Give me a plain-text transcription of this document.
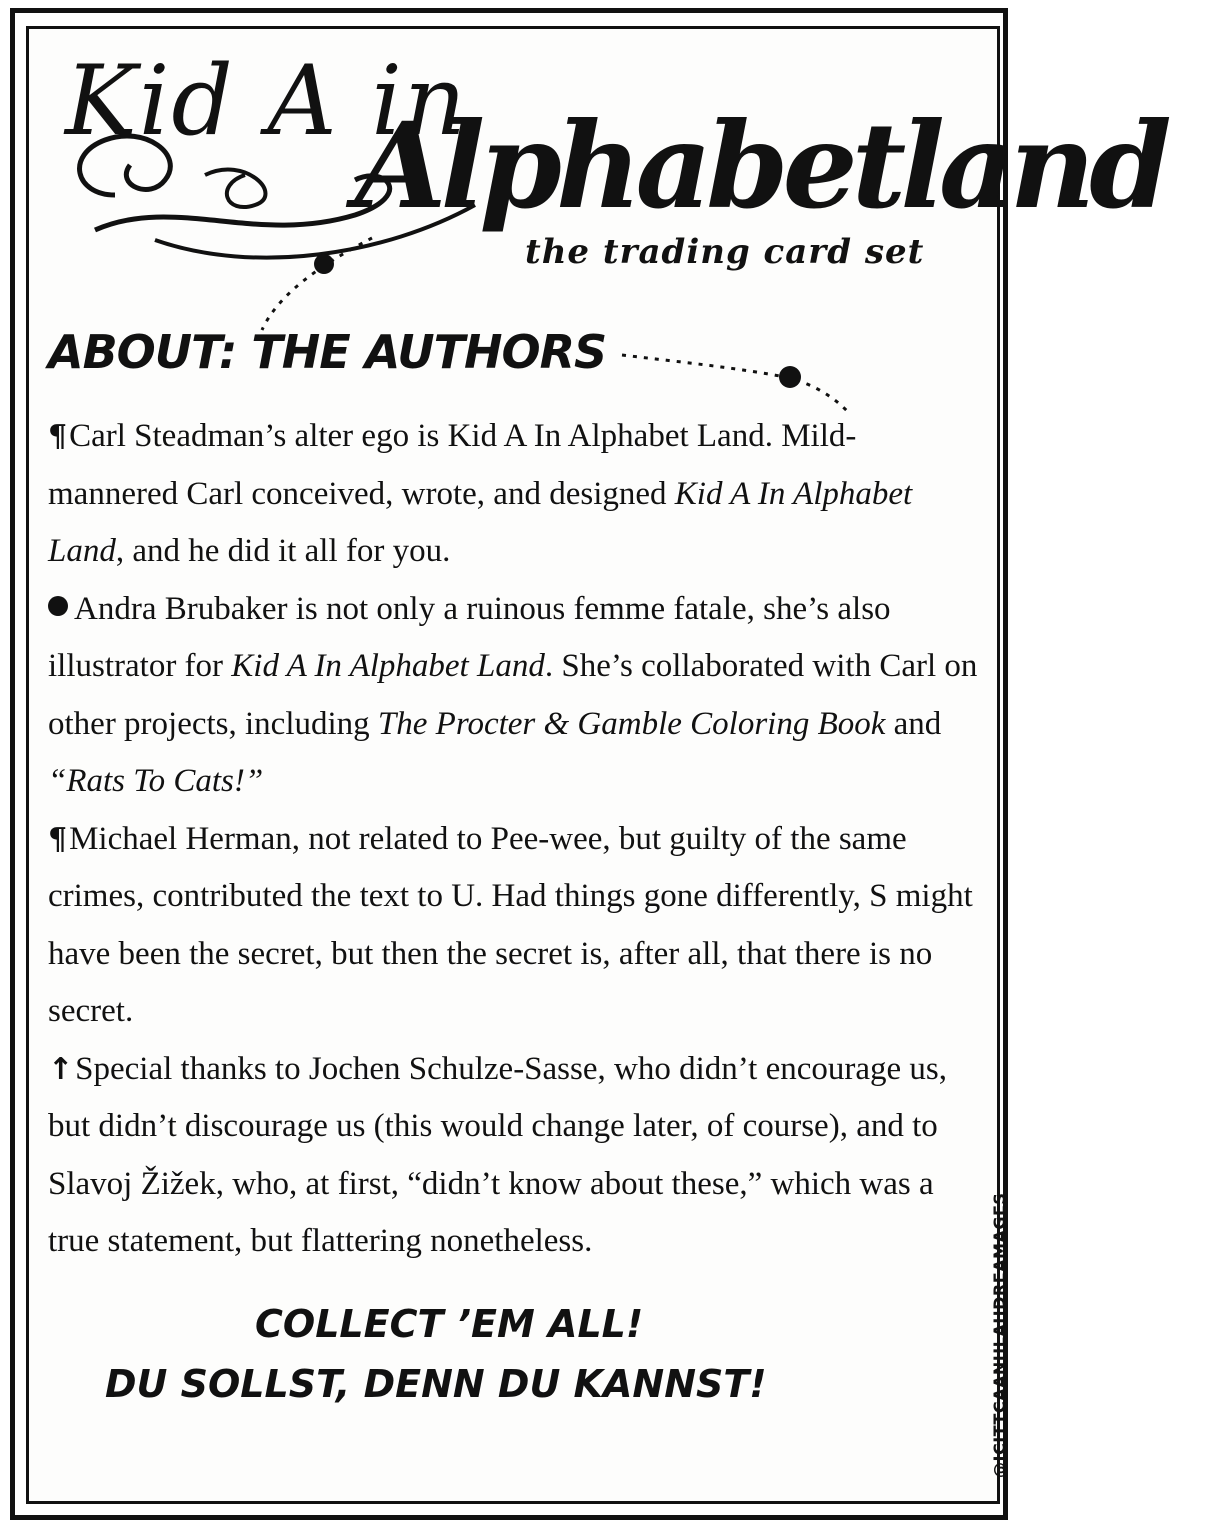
Kid A in
Alphabetland
the trading card set
ABOUT: THE AUTHORS

¶Carl Steadman’s alter ego is Kid A In Alphabet Land. Mild-mannered Carl conceived, wrote, and designed Kid A In Alphabet Land, and he did it all for you.

Andra Brubaker is not only a ruinous femme fatale, she’s also illustrator for Kid A In Alphabet Land. She’s collaborated with Carl on other projects, including The Procter & Gamble Coloring Book and “Rats To Cats!”

¶Michael Herman, not related to Pee-wee, but guilty of the same crimes, contributed the text to U. Had things gone differently, S might have been the secret, but then the secret is, after all, that there is no secret.

↑Special thanks to Jochen Schulze-Sasse, who didn’t encourage us, but didn’t discourage us (this would change later, of course), and to Slavoj Žižek, who, at first, “didn’t know about these,” which was a true statement, but flattering nonetheless.

COLLECT ’EM ALL!
DU SOLLST, DENN DU KANNST!	@ICITTCAANHLAHDREAMAGES
